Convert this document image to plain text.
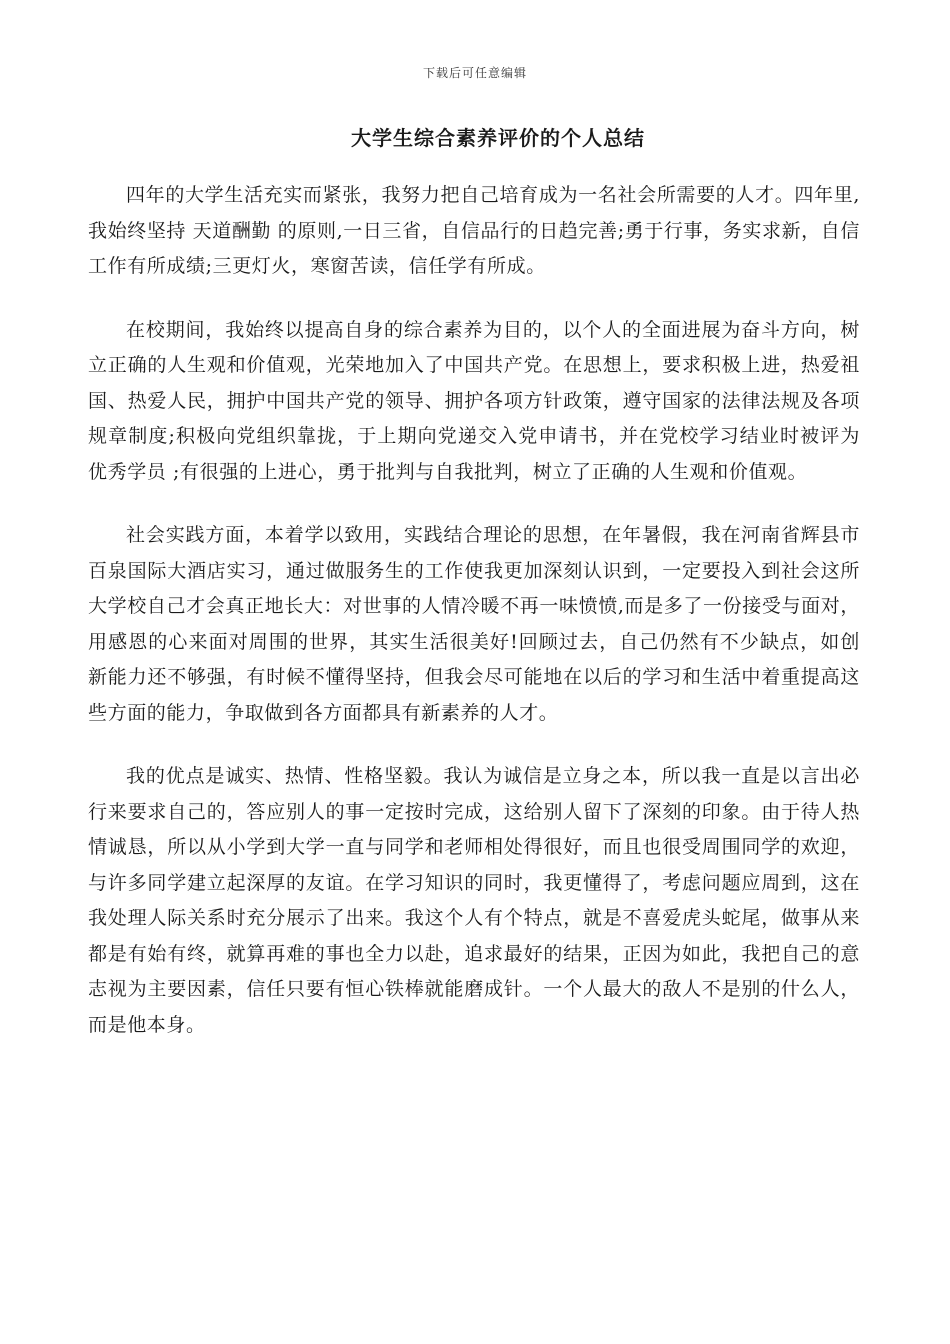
下载后可任意编辑
大学生综合素养评价的个人总结

四年的大学生活充实而紧张，我努力把自己培育成为一名社会所需要的人才。四年里,我始终坚持 天道酬勤 的原则,一日三省，自信品行的日趋完善;勇于行事，务实求新，自信工作有所成绩;三更灯火，寒窗苦读，信任学有所成。

在校期间，我始终以提高自身的综合素养为目的，以个人的全面进展为奋斗方向，树立正确的人生观和价值观，光荣地加入了中国共产党。在思想上，要求积极上进，热爱祖国、热爱人民，拥护中国共产党的领导、拥护各项方针政策，遵守国家的法律法规及各项规章制度;积极向党组织靠拢，于上期向党递交入党申请书，并在党校学习结业时被评为 优秀学员 ;有很强的上进心，勇于批判与自我批判，树立了正确的人生观和价值观。

社会实践方面，本着学以致用，实践结合理论的思想，在年暑假，我在河南省辉县市百泉国际大酒店实习，通过做服务生的工作使我更加深刻认识到，一定要投入到社会这所大学校自己才会真正地长大：对世事的人情冷暖不再一味愤愤,而是多了一份接受与面对，用感恩的心来面对周围的世界，其实生活很美好!回顾过去，自己仍然有不少缺点，如创新能力还不够强，有时候不懂得坚持，但我会尽可能地在以后的学习和生活中着重提高这些方面的能力，争取做到各方面都具有新素养的人才。

我的优点是诚实、热情、性格坚毅。我认为诚信是立身之本，所以我一直是以言出必行来要求自己的，答应别人的事一定按时完成，这给别人留下了深刻的印象。由于待人热情诚恳，所以从小学到大学一直与同学和老师相处得很好，而且也很受周围同学的欢迎，与许多同学建立起深厚的友谊。在学习知识的同时，我更懂得了，考虑问题应周到，这在我处理人际关系时充分展示了出来。我这个人有个特点，就是不喜爱虎头蛇尾，做事从来都是有始有终，就算再难的事也全力以赴，追求最好的结果，正因为如此，我把自己的意志视为主要因素，信任只要有恒心铁棒就能磨成针。一个人最大的敌人不是别的什么人，而是他本身。
